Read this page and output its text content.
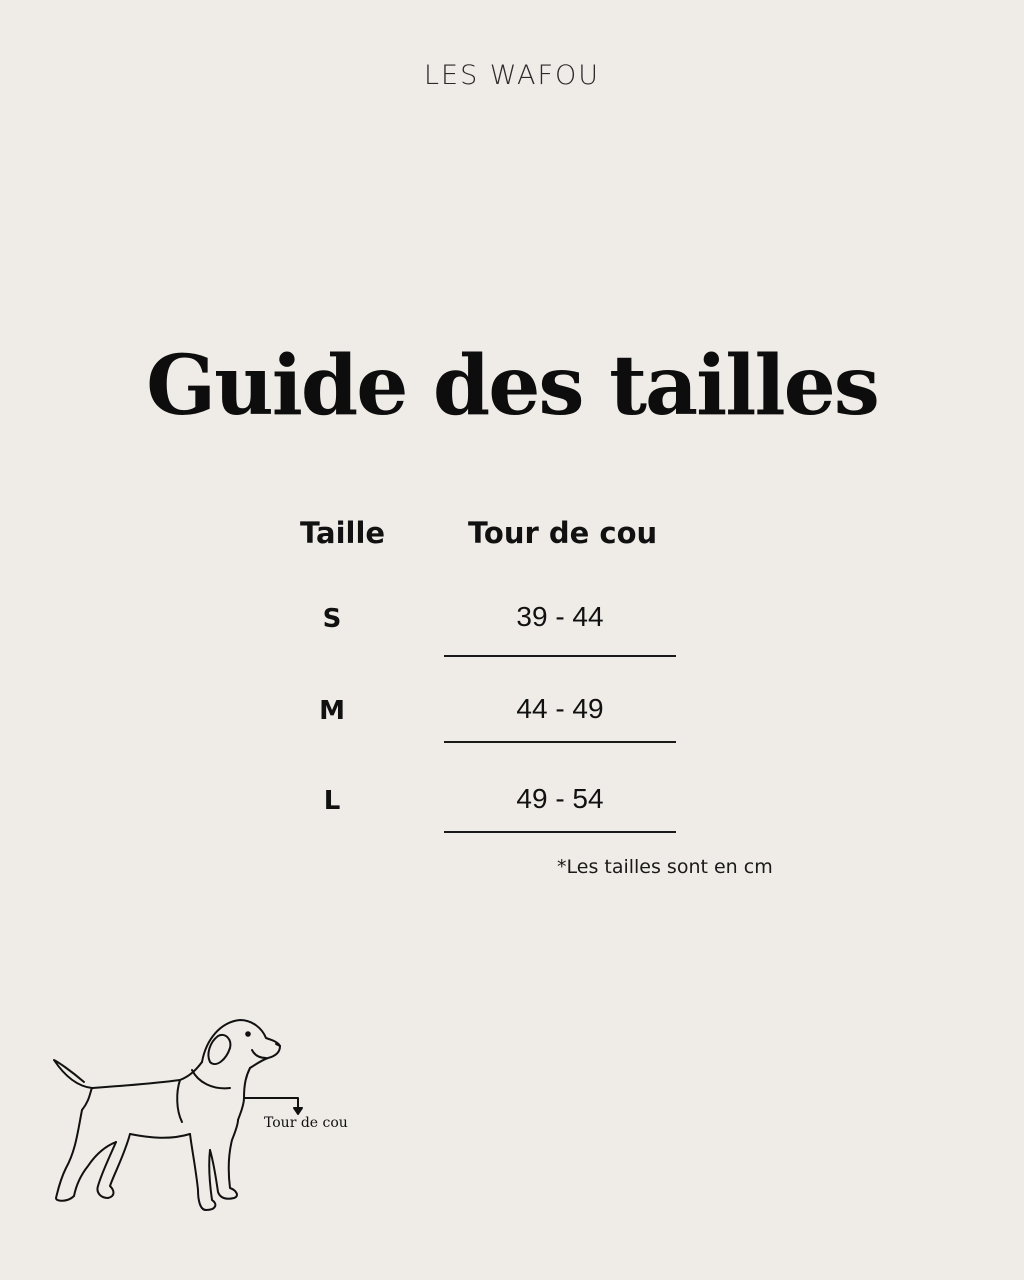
LES WAFOU
Guide des tailles
Taille	Tour de cou
S	39 - 44
M	44 - 49
L	49 - 54
*Les tailles sont en cm
Tour de cou
